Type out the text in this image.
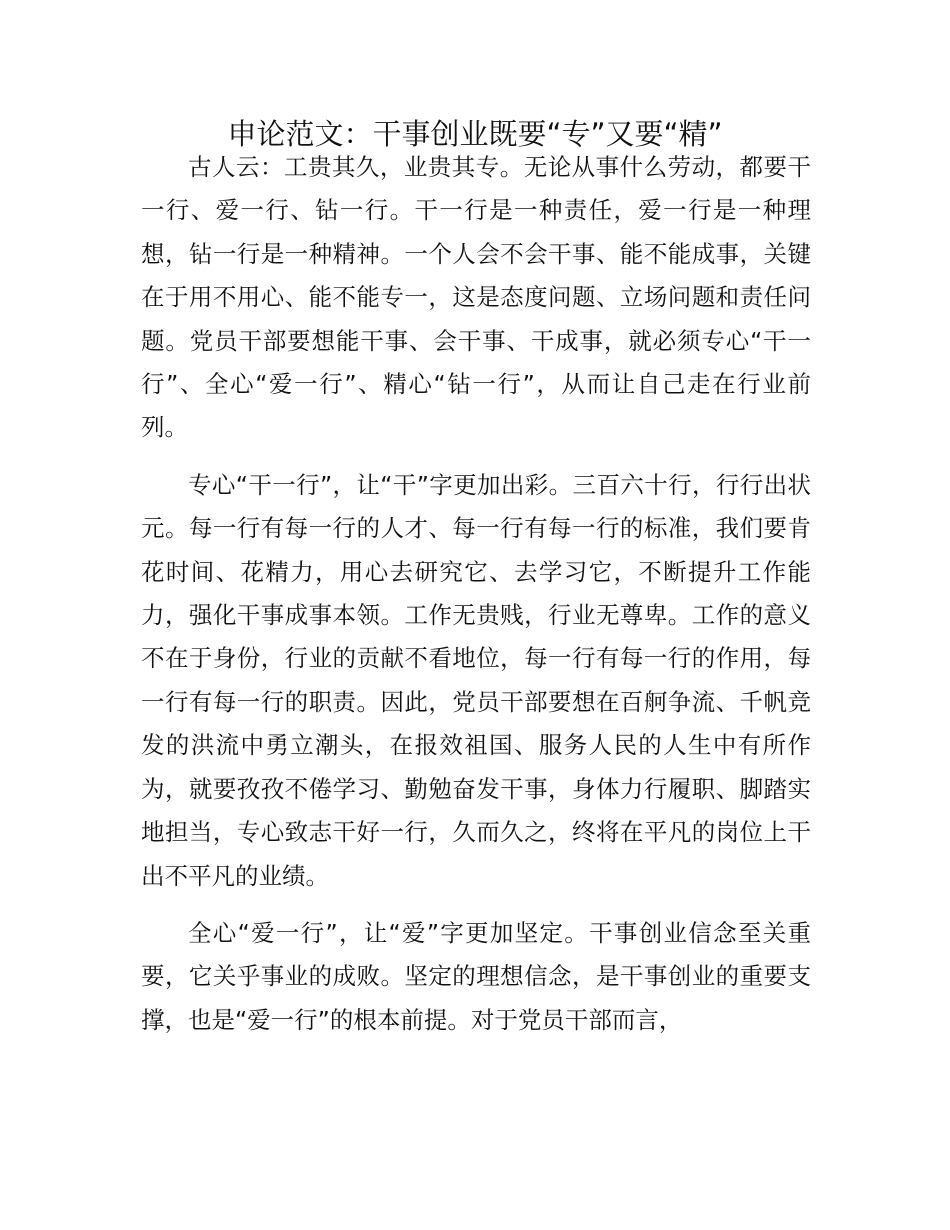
申论范文：干事创业既要“专”又要“精”

古人云：工贵其久，业贵其专。无论从事什么劳动，都要干一行、爱一行、钻一行。干一行是一种责任，爱一行是一种理想，钻一行是一种精神。一个人会不会干事、能不能成事，关键在于用不用心、能不能专一，这是态度问题、立场问题和责任问题。党员干部要想能干事、会干事、干成事，就必须专心“干一行”、全心“爱一行”、精心“钻一行”，从而让自己走在行业前列。

专心“干一行”，让“干”字更加出彩。三百六十行，行行出状元。每一行有每一行的人才、每一行有每一行的标准，我们要肯花时间、花精力，用心去研究它、去学习它，不断提升工作能力，强化干事成事本领。工作无贵贱，行业无尊卑。工作的意义不在于身份，行业的贡献不看地位，每一行有每一行的作用，每一行有每一行的职责。因此，党员干部要想在百舸争流、千帆竞发的洪流中勇立潮头，在报效祖国、服务人民的人生中有所作为，就要孜孜不倦学习、勤勉奋发干事，身体力行履职、脚踏实地担当，专心致志干好一行，久而久之，终将在平凡的岗位上干出不平凡的业绩。

全心“爱一行”，让“爱”字更加坚定。干事创业信念至关重要，它关乎事业的成败。坚定的理想信念，是干事创业的重要支撑，也是“爱一行”的根本前提。对于党员干部而言，
